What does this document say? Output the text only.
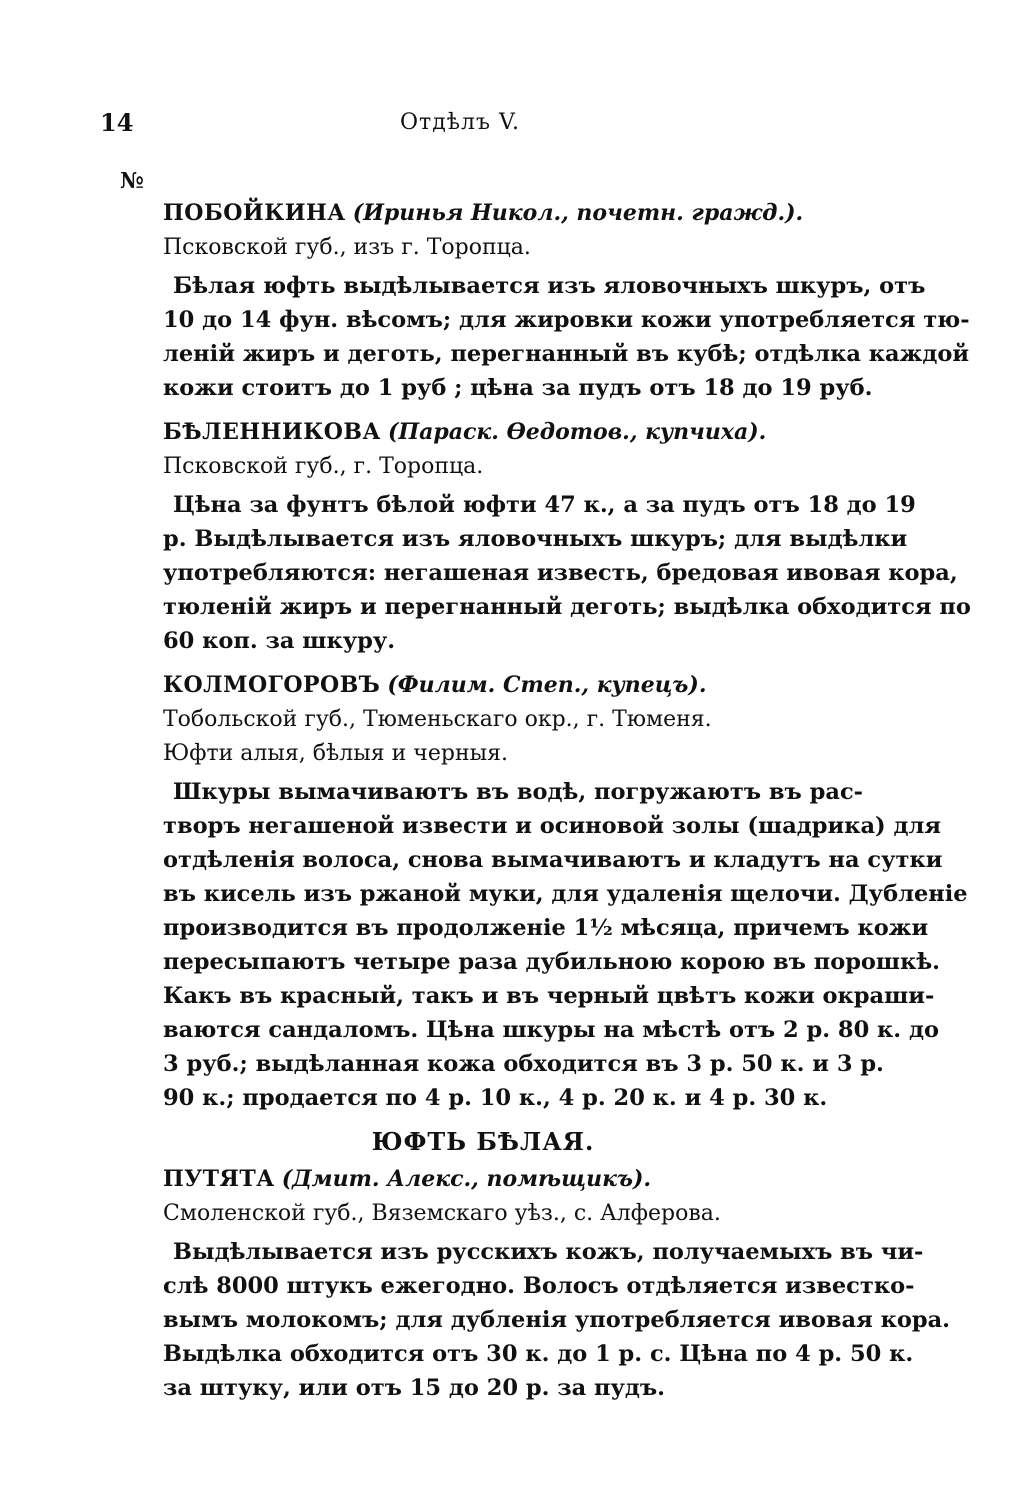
14	Отдѣлъ V.
№
ПОБОЙКИНА (Иринья Никол., почетн. гражд.).

Псковской губ., изъ г. Торопца.

Бѣлая юфть выдѣлывается изъ яловочныхъ шкуръ, отъ
10 до 14 фун. вѣсомъ; для жировки кожи употребляется тю-
ленiй жиръ и деготь, перегнанный въ кубѣ; отдѣлка каждой
кожи стоитъ до 1 руб ; цѣна за пудъ отъ 18 до 19 руб.
БѢЛЕННИКОВА (Параск. Ѳедотов., купчиха).

Псковской губ., г. Торопца.

Цѣна за фунтъ бѣлой юфти 47 к., а за пудъ отъ 18 до 19
р. Выдѣлывается изъ яловочныхъ шкуръ; для выдѣлки
употребляются: негашеная известь, бредовая ивовая кора,
тюленiй жиръ и перегнанный деготь; выдѣлка обходится по
60 коп. за шкуру.
КОЛМОГОРОВЪ (Филим. Степ., купецъ).

Тобольской губ., Тюменьскаго окр., г. Тюменя.

Юфти алыя, бѣлыя и черныя.

Шкуры вымачиваютъ въ водѣ, погружаютъ въ рас-
творъ негашеной извести и осиновой золы (шадрика) для
отдѣленiя волоса, снова вымачиваютъ и кладутъ на сутки
въ кисель изъ ржаной муки, для удаленiя щелочи. Дубленiе
производится въ продолженiе 1½ мѣсяца, причемъ кожи
пересыпаютъ четыре раза дубильною корою въ порошкѣ.
Какъ въ красный, такъ и въ черный цвѣтъ кожи окраши-
ваются сандаломъ. Цѣна шкуры на мѣстѣ отъ 2 р. 80 к. до
3 руб.; выдѣланная кожа обходится въ 3 р. 50 к. и 3 р.
90 к.; продается по 4 р. 10 к., 4 р. 20 к. и 4 р. 30 к.
ЮФТЬ БѢЛАЯ.
ПУТЯТА (Дмит. Алекс., помѣщикъ).

Смоленской губ., Вяземскаго уѣз., с. Алферова.

Выдѣлывается изъ русскихъ кожъ, получаемыхъ въ чи-
слѣ 8000 штукъ ежегодно. Волосъ отдѣляется известко-
вымъ молокомъ; для дубленiя употребляется ивовая кора.
Выдѣлка обходится отъ 30 к. до 1 р. с. Цѣна по 4 р. 50 к.
за штуку, или отъ 15 до 20 р. за пудъ.
